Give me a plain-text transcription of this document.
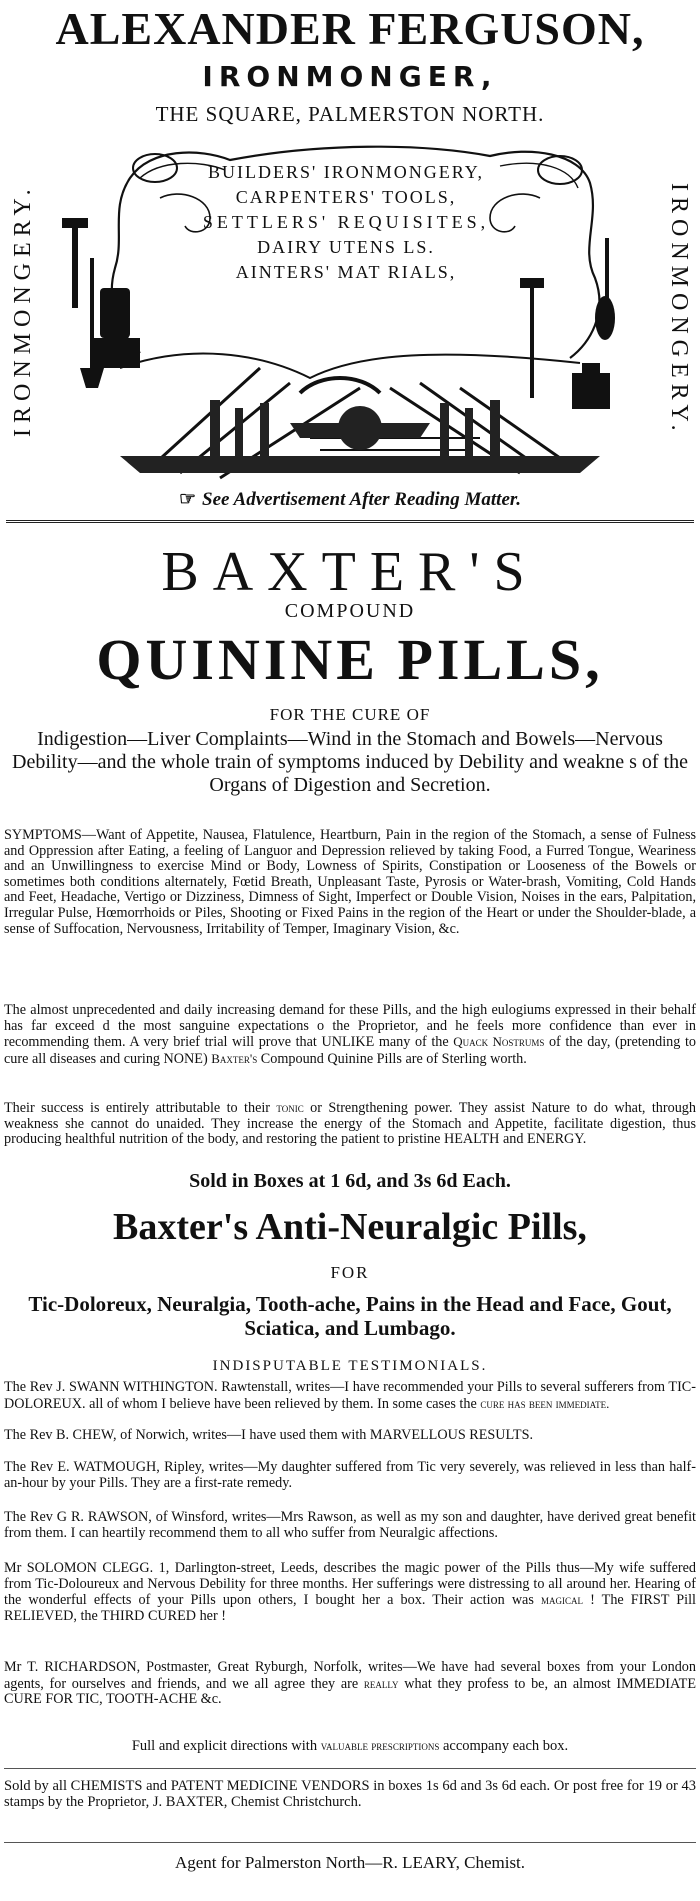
ALEXANDER FERGUSON,
IRONMONGER,
THE SQUARE, PALMERSTON NORTH.
IRONMONGERY.	IRONMONGERY.
BUILDERS' IRONMONGERY,
CARPENTERS' TOOLS,
SETTLERS' REQUISITES,
DAIRY UTENS LS.
AINTERS' MAT RIALS,
☞ See Advertisement After Reading Matter.
BAXTER'S
COMPOUND
QUININE PILLS,
FOR THE CURE OF
Indigestion—Liver Complaints—Wind in the Stomach and Bowels—Nervous Debility—and the whole train of symptoms induced by Debility and weakne s of the Organs of Digestion and Secretion.
SYMPTOMS—Want of Appetite, Nausea, Flatulence, Heartburn, Pain in the region of the Stomach, a sense of Fulness and Oppression after Eating, a feeling of Languor and Depression relieved by taking Food, a Furred Tongue, Weariness and an Unwillingness to exercise Mind or Body, Lowness of Spirits, Constipation or Looseness of the Bowels or sometimes both conditions alternately, Fœtid Breath, Unpleasant Taste, Pyrosis or Water-brash, Vomiting, Cold Hands and Feet, Headache, Vertigo or Dizziness, Dimness of Sight, Imperfect or Double Vision, Noises in the ears, Palpitation, Irregular Pulse, Hœmorrhoids or Piles, Shooting or Fixed Pains in the region of the Heart or under the Shoulder-blade, a sense of Suffocation, Nervousness, Irritability of Temper, Imaginary Vision, &c.
The almost unprecedented and daily increasing demand for these Pills, and the high eulogiums expressed in their behalf has far exceed d the most sanguine expectations o the Proprietor, and he feels more confidence than ever in recommending them. A very brief trial will prove that UNLIKE many of the Quack Nostrums of the day, (pretending to cure all diseases and curing NONE) Baxter's Compound Quinine Pills are of Sterling worth.
Their success is entirely attributable to their tonic or Strengthening power. They assist Nature to do what, through weakness she cannot do unaided. They increase the energy of the Stomach and Appetite, facilitate digestion, thus producing healthful nutrition of the body, and restoring the patient to pristine HEALTH and ENERGY.
Sold in Boxes at 1 6d, and 3s 6d Each.
Baxter's Anti-Neuralgic Pills,
FOR
Tic-Doloreux, Neuralgia, Tooth-ache, Pains in the Head and Face, Gout, Sciatica, and Lumbago.
INDISPUTABLE TESTIMONIALS.
The Rev J. SWANN WITHINGTON. Rawtenstall, writes—I have recommended your Pills to several sufferers from TIC-DOLOREUX. all of whom I believe have been relieved by them. In some cases the cure has been immediate.
The Rev B. CHEW, of Norwich, writes—I have used them with MARVELLOUS RESULTS.
The Rev E. WATMOUGH, Ripley, writes—My daughter suffered from Tic very severely, was relieved in less than half-an-hour by your Pills. They are a first-rate remedy.
The Rev G R. RAWSON, of Winsford, writes—Mrs Rawson, as well as my son and daughter, have derived great benefit from them. I can heartily recommend them to all who suffer from Neuralgic affections.
Mr SOLOMON CLEGG. 1, Darlington-street, Leeds, describes the magic power of the Pills thus—My wife suffered from Tic-Doloureux and Nervous Debility for three months. Her sufferings were distressing to all around her. Hearing of the wonderful effects of your Pills upon others, I bought her a box. Their action was magical ! The FIRST Pill RELIEVED, the THIRD CURED her !
Mr T. RICHARDSON, Postmaster, Great Ryburgh, Norfolk, writes—We have had several boxes from your London agents, for ourselves and friends, and we all agree they are really what they profess to be, an almost IMMEDIATE CURE FOR TIC, TOOTH-ACHE &c.
Full and explicit directions with valuable prescriptions accompany each box.
Sold by all CHEMISTS and PATENT MEDICINE VENDORS in boxes 1s 6d and 3s 6d each. Or post free for 19 or 43 stamps by the Proprietor, J. BAXTER, Chemist Christchurch.
Agent for Palmerston North—R. LEARY, Chemist.
